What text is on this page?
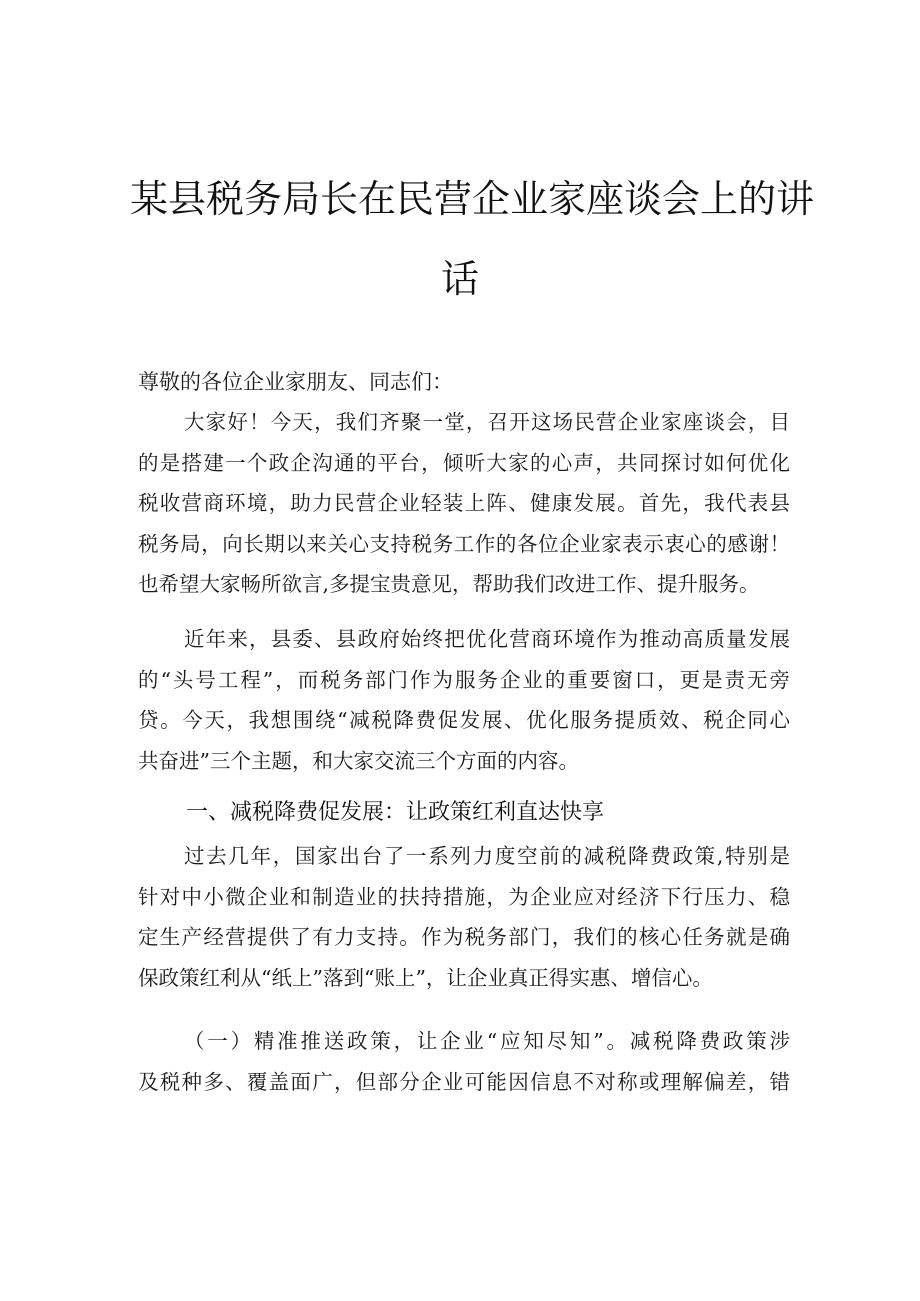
某县税务局长在民营企业家座谈会上的讲
话
尊敬的各位企业家朋友、同志们：
大家好！今天，我们齐聚一堂，召开这场民营企业家座谈会，目
的是搭建一个政企沟通的平台，倾听大家的心声，共同探讨如何优化
税收营商环境，助力民营企业轻装上阵、健康发展。首先，我代表县
税务局，向长期以来关心支持税务工作的各位企业家表示衷心的感谢！
也希望大家畅所欲言,多提宝贵意见，帮助我们改进工作、提升服务。
近年来，县委、县政府始终把优化营商环境作为推动高质量发展
的“头号工程”，而税务部门作为服务企业的重要窗口，更是责无旁
贷。今天，我想围绕“减税降费促发展、优化服务提质效、税企同心
共奋进”三个主题，和大家交流三个方面的内容。
一、减税降费促发展：让政策红利直达快享
过去几年，国家出台了一系列力度空前的减税降费政策,特别是
针对中小微企业和制造业的扶持措施，为企业应对经济下行压力、稳
定生产经营提供了有力支持。作为税务部门，我们的核心任务就是确
保政策红利从“纸上”落到“账上”，让企业真正得实惠、增信心。
（一）精准推送政策，让企业“应知尽知”。减税降费政策涉
及税种多、覆盖面广，但部分企业可能因信息不对称或理解偏差，错
